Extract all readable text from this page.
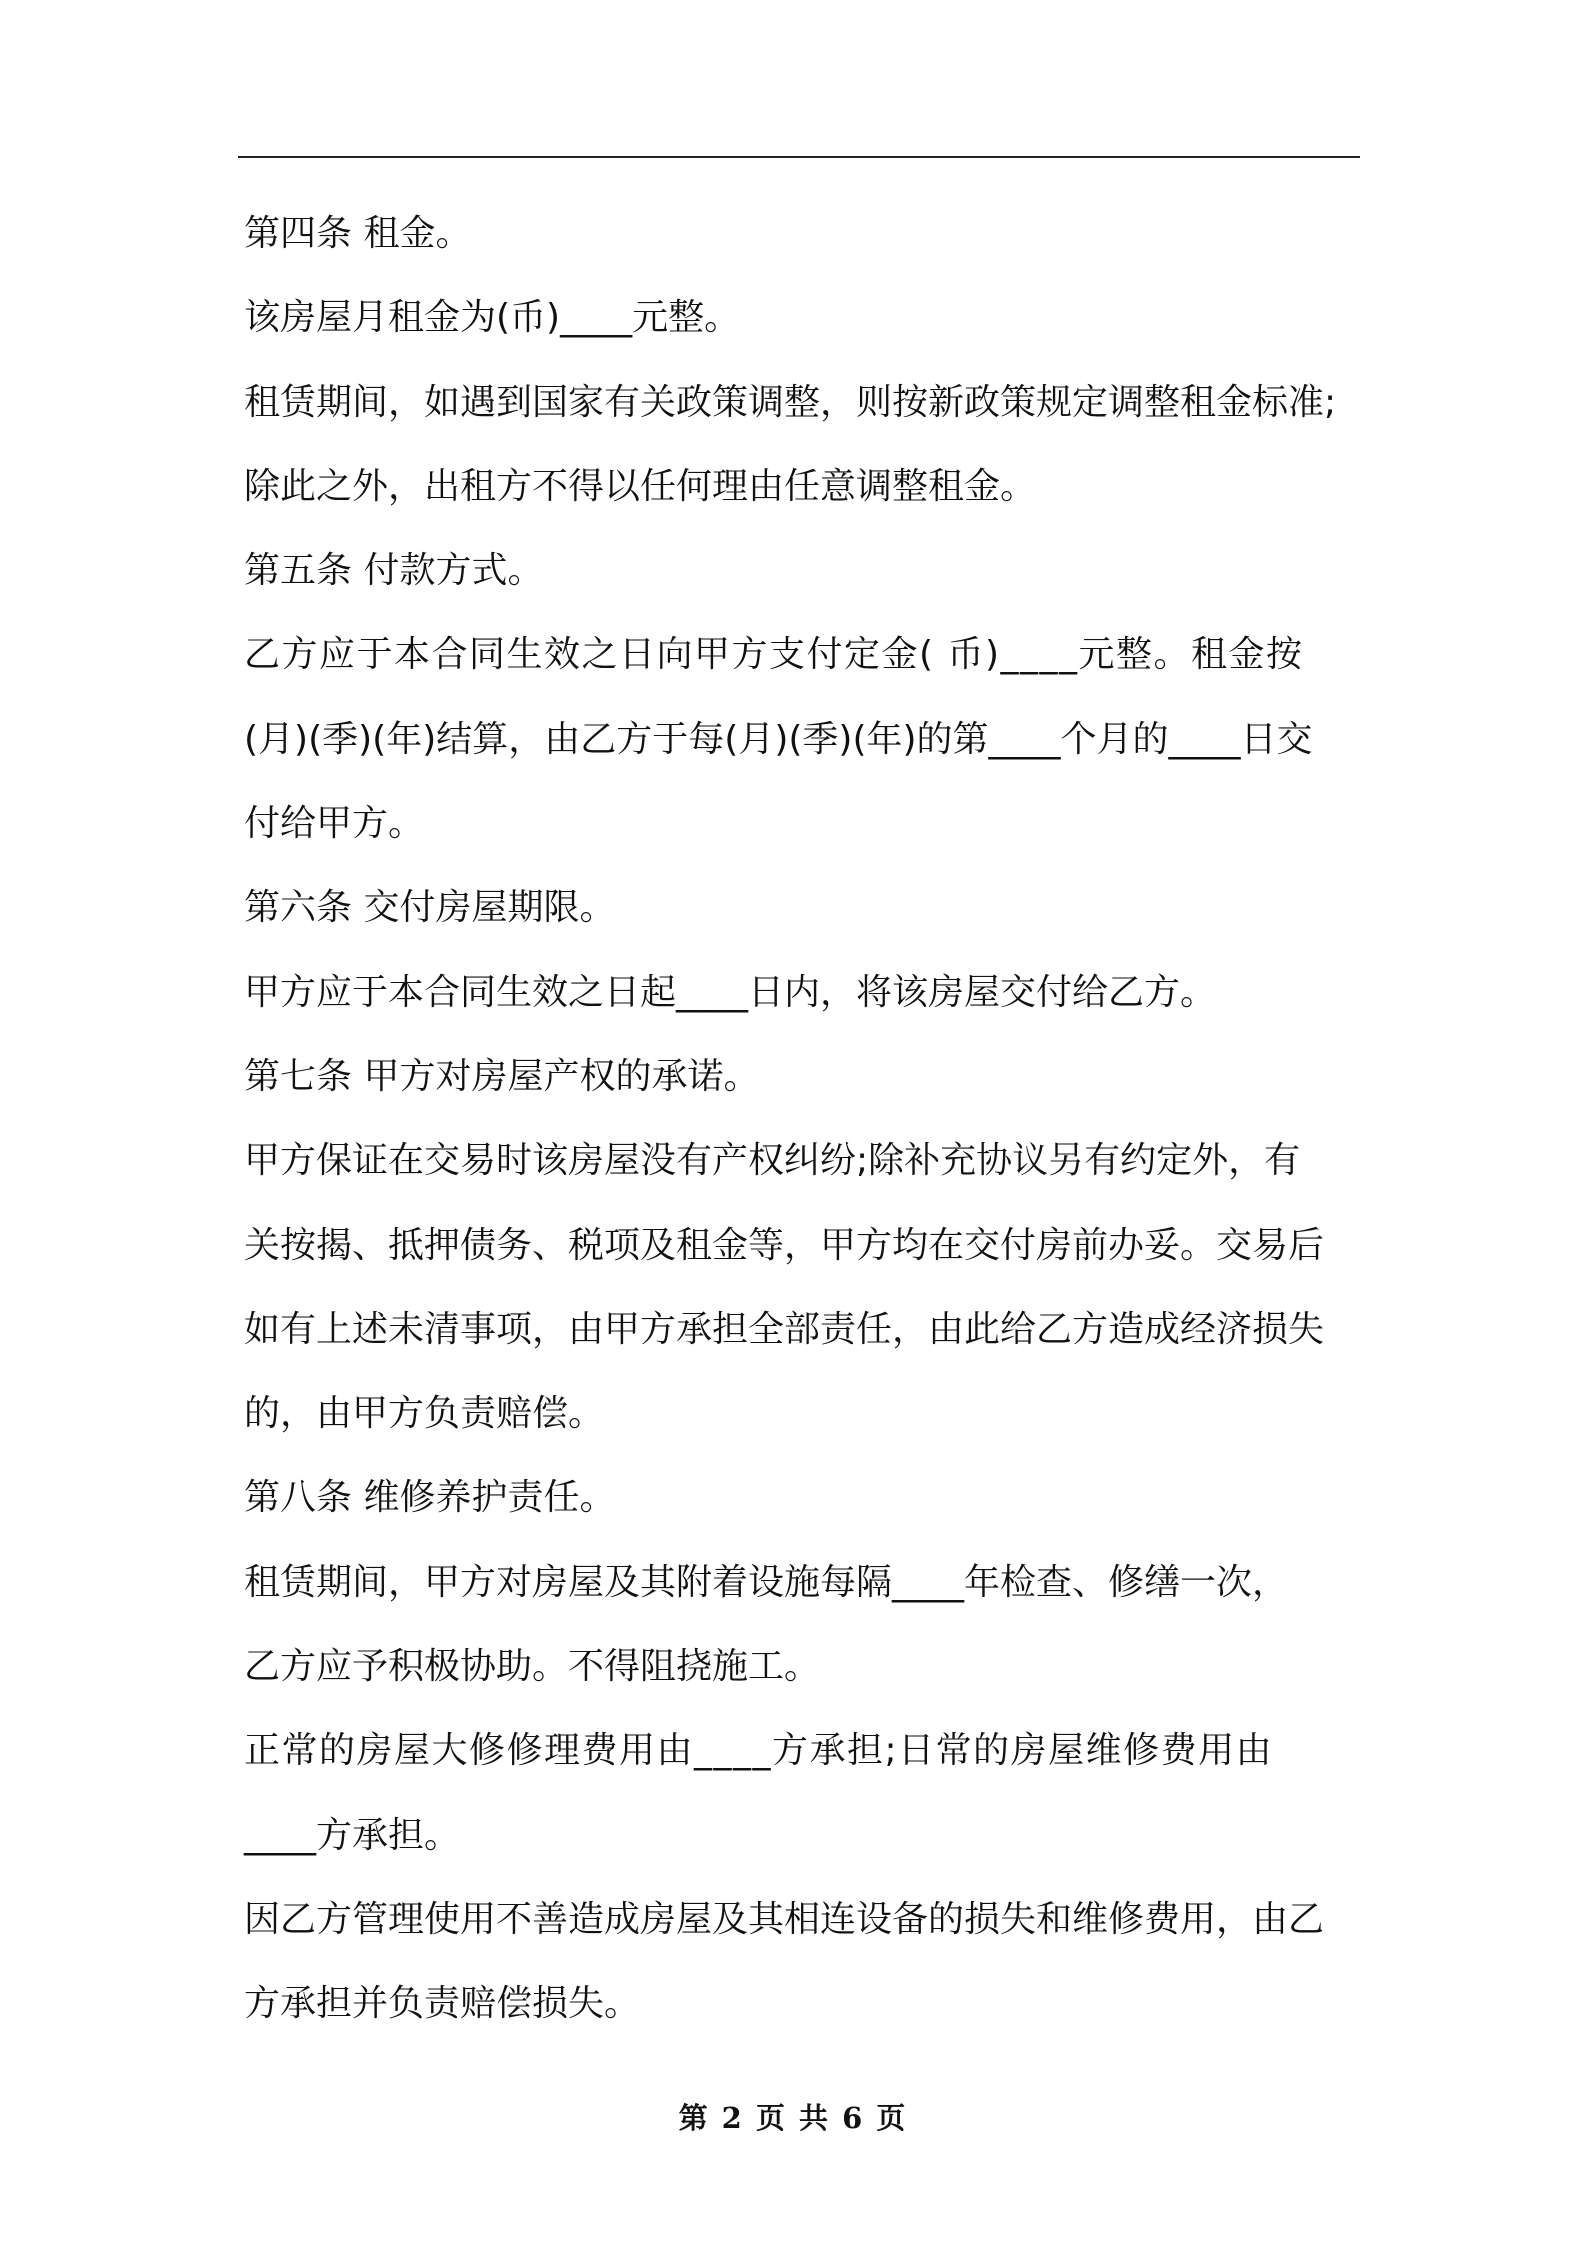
第四条 租金。
该房屋月租金为(币)____元整。
租赁期间，如遇到国家有关政策调整，则按新政策规定调整租金标准;
除此之外，出租方不得以任何理由任意调整租金。
第五条 付款方式。
乙方应于本合同生效之日向甲方支付定金( 币)____元整。租金按
(月)(季)(年)结算，由乙方于每(月)(季)(年)的第____个月的____日交
付给甲方。
第六条 交付房屋期限。
甲方应于本合同生效之日起____日内，将该房屋交付给乙方。
第七条 甲方对房屋产权的承诺。
甲方保证在交易时该房屋没有产权纠纷;除补充协议另有约定外，有
关按揭、抵押债务、税项及租金等，甲方均在交付房前办妥。交易后
如有上述未清事项，由甲方承担全部责任，由此给乙方造成经济损失
的，由甲方负责赔偿。
第八条 维修养护责任。
租赁期间，甲方对房屋及其附着设施每隔____年检查、修缮一次，
乙方应予积极协助。不得阻挠施工。
正常的房屋大修修理费用由____方承担;日常的房屋维修费用由
____方承担。
因乙方管理使用不善造成房屋及其相连设备的损失和维修费用，由乙
方承担并负责赔偿损失。
第 2 页 共 6 页
